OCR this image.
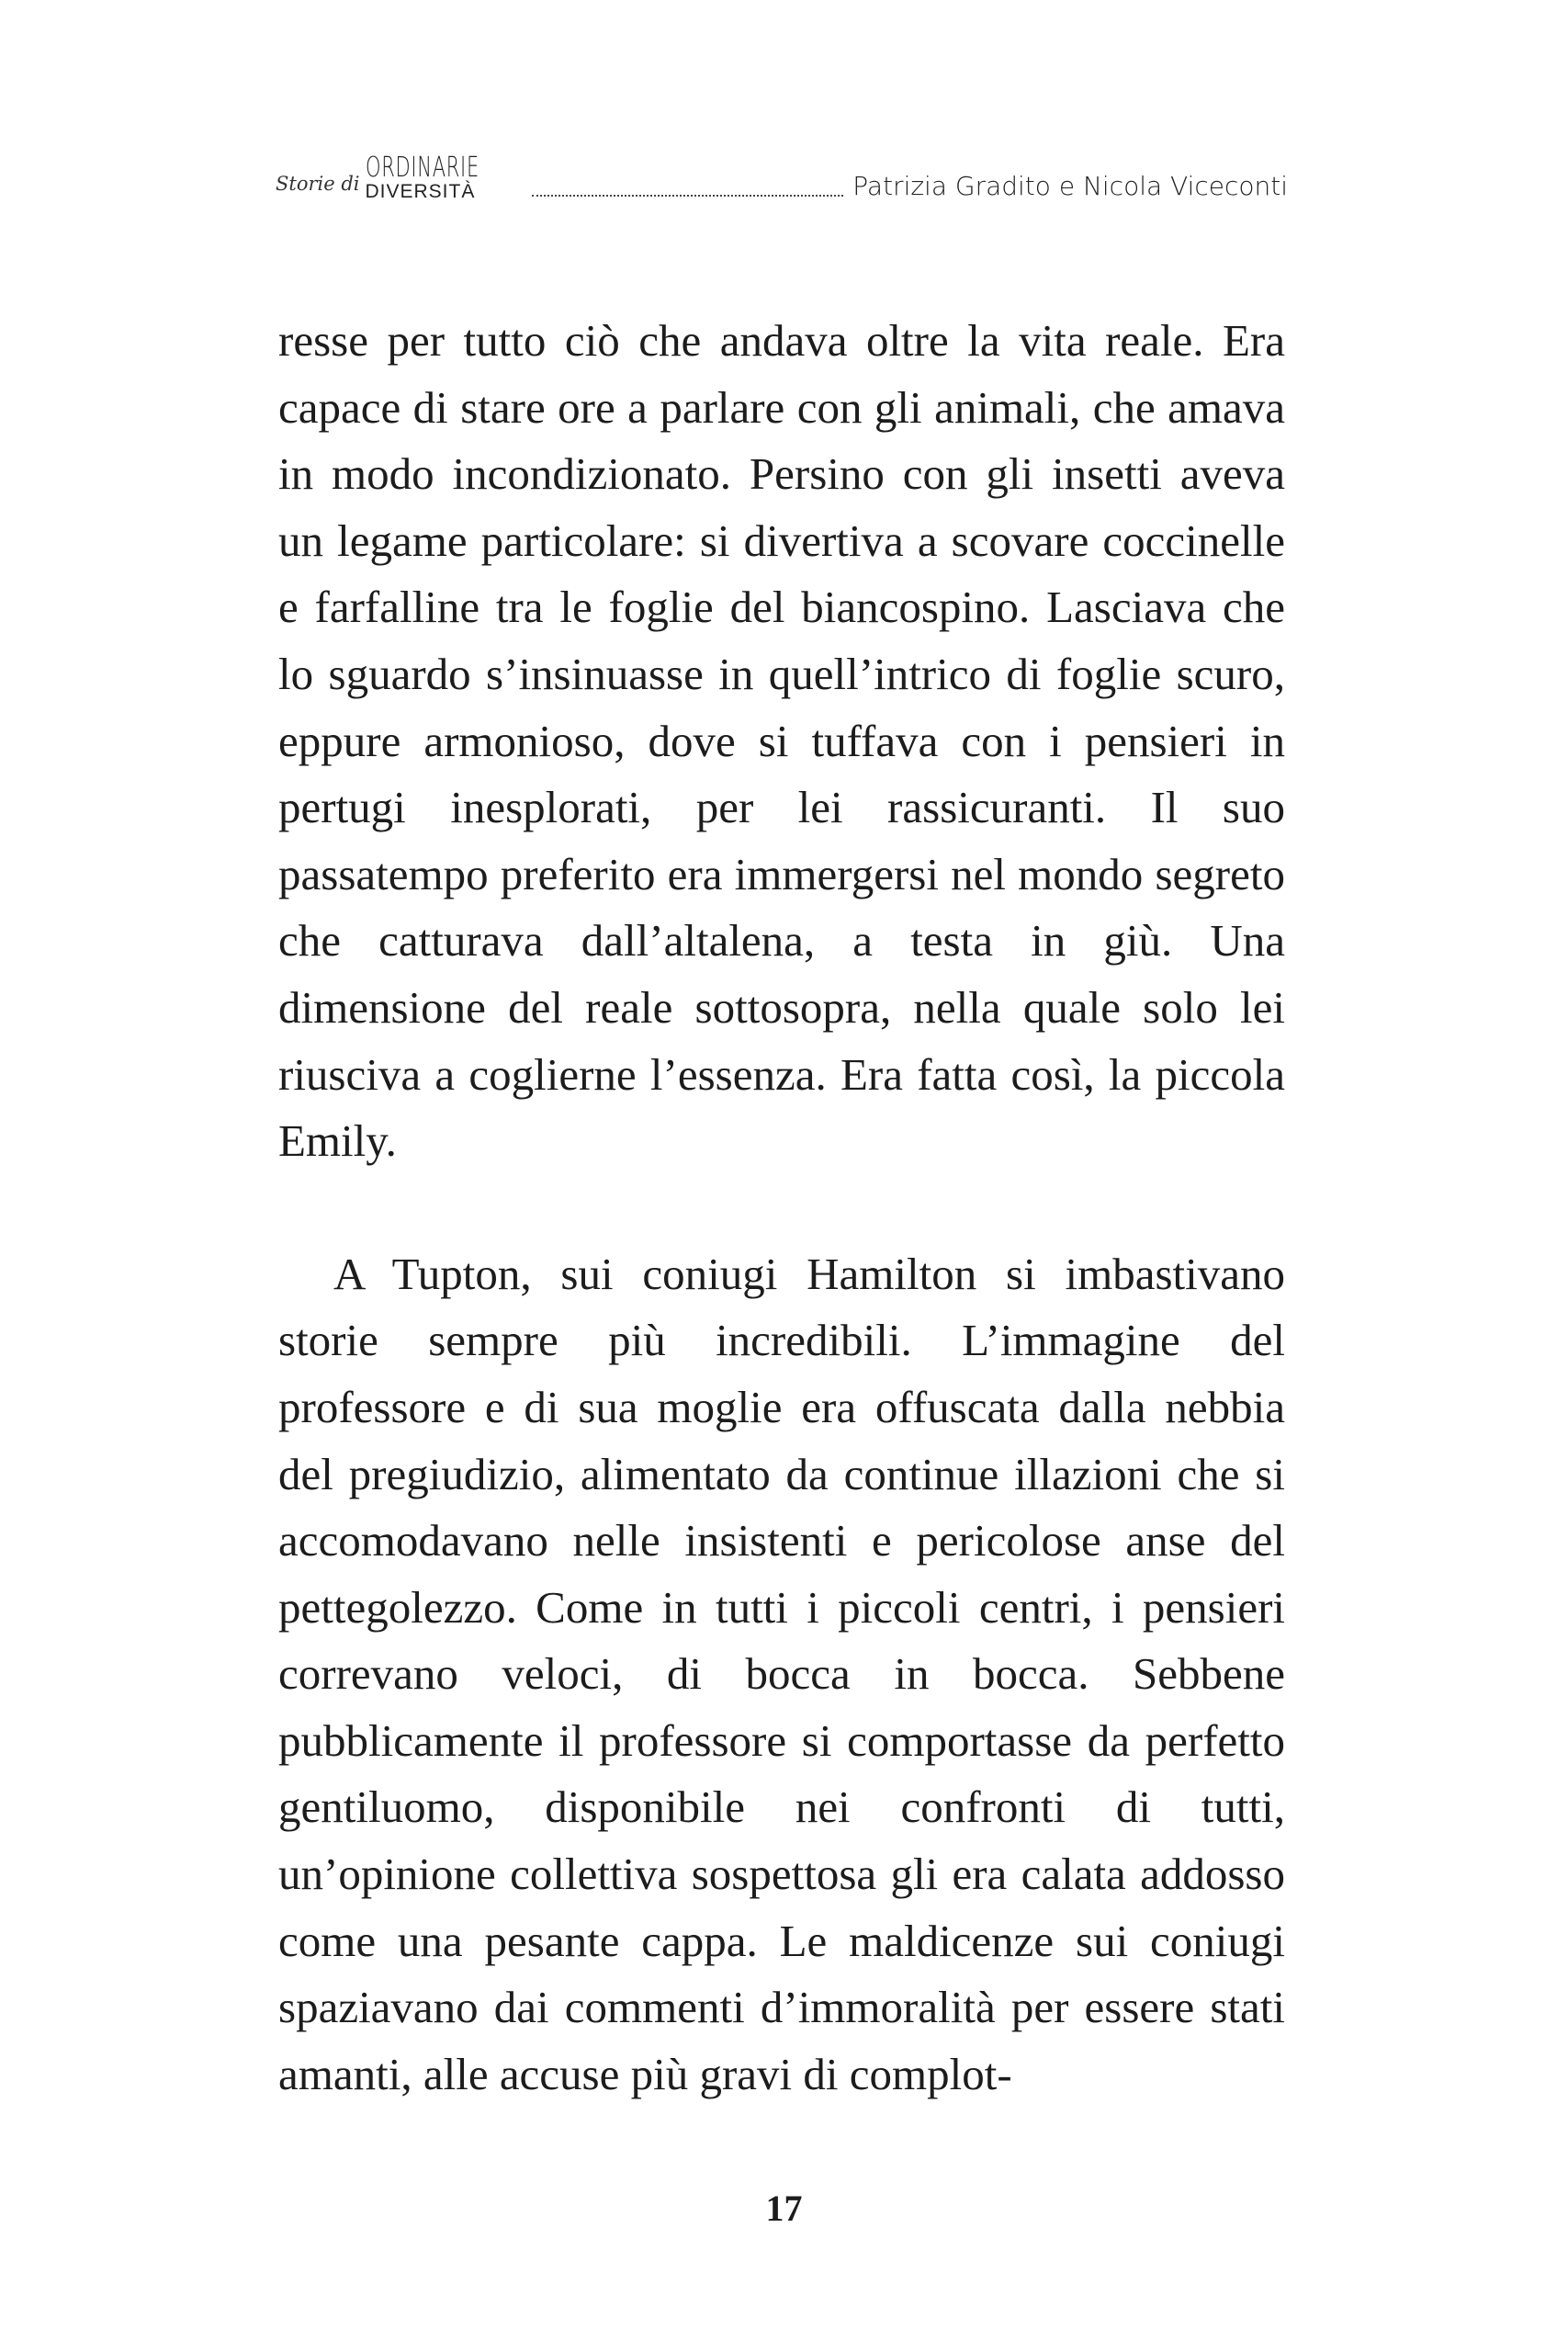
Storie di ORDINARIE
DIVERSITÀ	Patrizia Gradito e Nicola Viceconti

resse per tutto ciò che andava oltre la vita reale. Era capace di stare ore a parlare con gli animali, che amava in modo incondizionato. Persino con gli insetti aveva un legame particolare: si divertiva a scovare coccinelle e farfalline tra le foglie del biancospino. Lasciava che lo sguardo s’insinuasse in quell’intrico di foglie scuro, eppure armonioso, dove si tuffava con i pensieri in pertugi inesplorati, per lei rassicuranti. Il suo passatempo preferito era immergersi nel mondo segreto che catturava dall’altalena, a testa in giù. Una dimensione del reale sottosopra, nella quale solo lei riusciva a coglierne l’essenza. Era fatta così, la piccola Emily.

A Tupton, sui coniugi Hamilton si imbastivano storie sempre più incredibili. L’immagine del professore e di sua moglie era offuscata dalla nebbia del pregiudizio, alimentato da continue illazioni che si accomodavano nelle insistenti e pericolose anse del pettegolezzo. Come in tutti i piccoli centri, i pensieri correvano veloci, di bocca in bocca. Sebbene pubblicamente il professore si comportasse da perfetto gentiluomo, disponibile nei confronti di tutti, un’opinione collettiva sospettosa gli era calata addosso come una pesante cappa. Le maldicenze sui coniugi spaziavano dai commenti d’immoralità per essere stati amanti, alle accuse più gravi di complot-

17
